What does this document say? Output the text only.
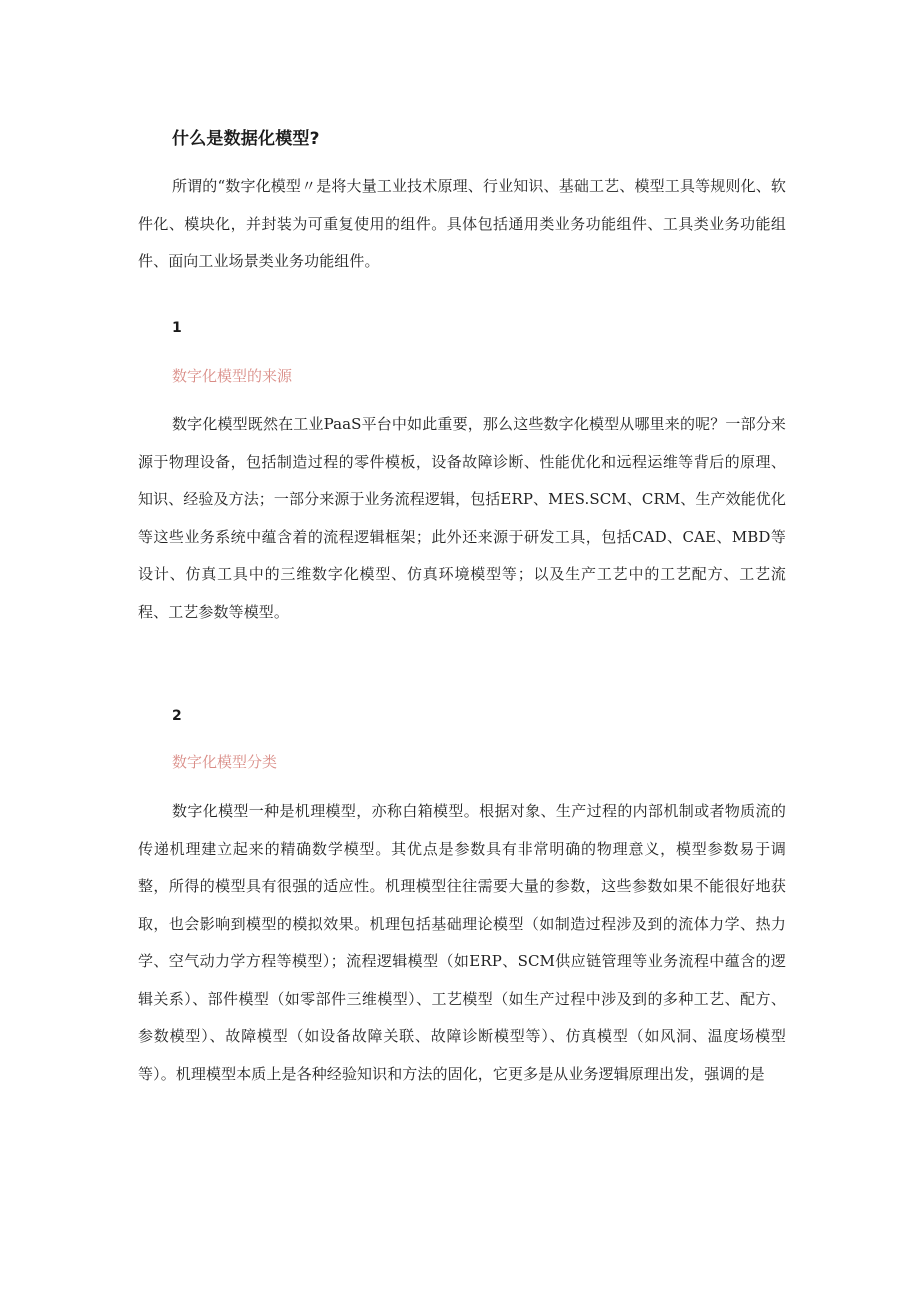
什么是数据化模型?

所谓的“数字化模型〃是将大量工业技术原理、行业知识、基础工艺、模型工具等规则化、软件化、模块化，并封装为可重复使用的组件。具体包括通用类业务功能组件、工具类业务功能组件、面向工业场景类业务功能组件。

1
数字化模型的来源

数字化模型既然在工业PaaS平台中如此重要，那么这些数字化模型从哪里来的呢？一部分来源于物理设备，包括制造过程的零件模板，设备故障诊断、性能优化和远程运维等背后的原理、知识、经验及方法；一部分来源于业务流程逻辑，包括ERP、MES.SCM、CRM、生产效能优化等这些业务系统中蕴含着的流程逻辑框架；此外还来源于研发工具，包括CAD、CAE、MBD等设计、仿真工具中的三维数字化模型、仿真环境模型等；以及生产工艺中的工艺配方、工艺流程、工艺参数等模型。

2
数字化模型分类

数字化模型一种是机理模型，亦称白箱模型。根据对象、生产过程的内部机制或者物质流的传递机理建立起来的精确数学模型。其优点是参数具有非常明确的物理意义，模型参数易于调整，所得的模型具有很强的适应性。机理模型往往需要大量的参数，这些参数如果不能很好地获取，也会影响到模型的模拟效果。机理包括基础理论模型（如制造过程涉及到的流体力学、热力学、空气动力学方程等模型）；流程逻辑模型（如ERP、SCM供应链管理等业务流程中蕴含的逻辑关系）、部件模型（如零部件三维模型）、工艺模型（如生产过程中涉及到的多种工艺、配方、参数模型）、故障模型（如设备故障关联、故障诊断模型等）、仿真模型（如风洞、温度场模型等）。机理模型本质上是各种经验知识和方法的固化，它更多是从业务逻辑原理出发，强调的是
